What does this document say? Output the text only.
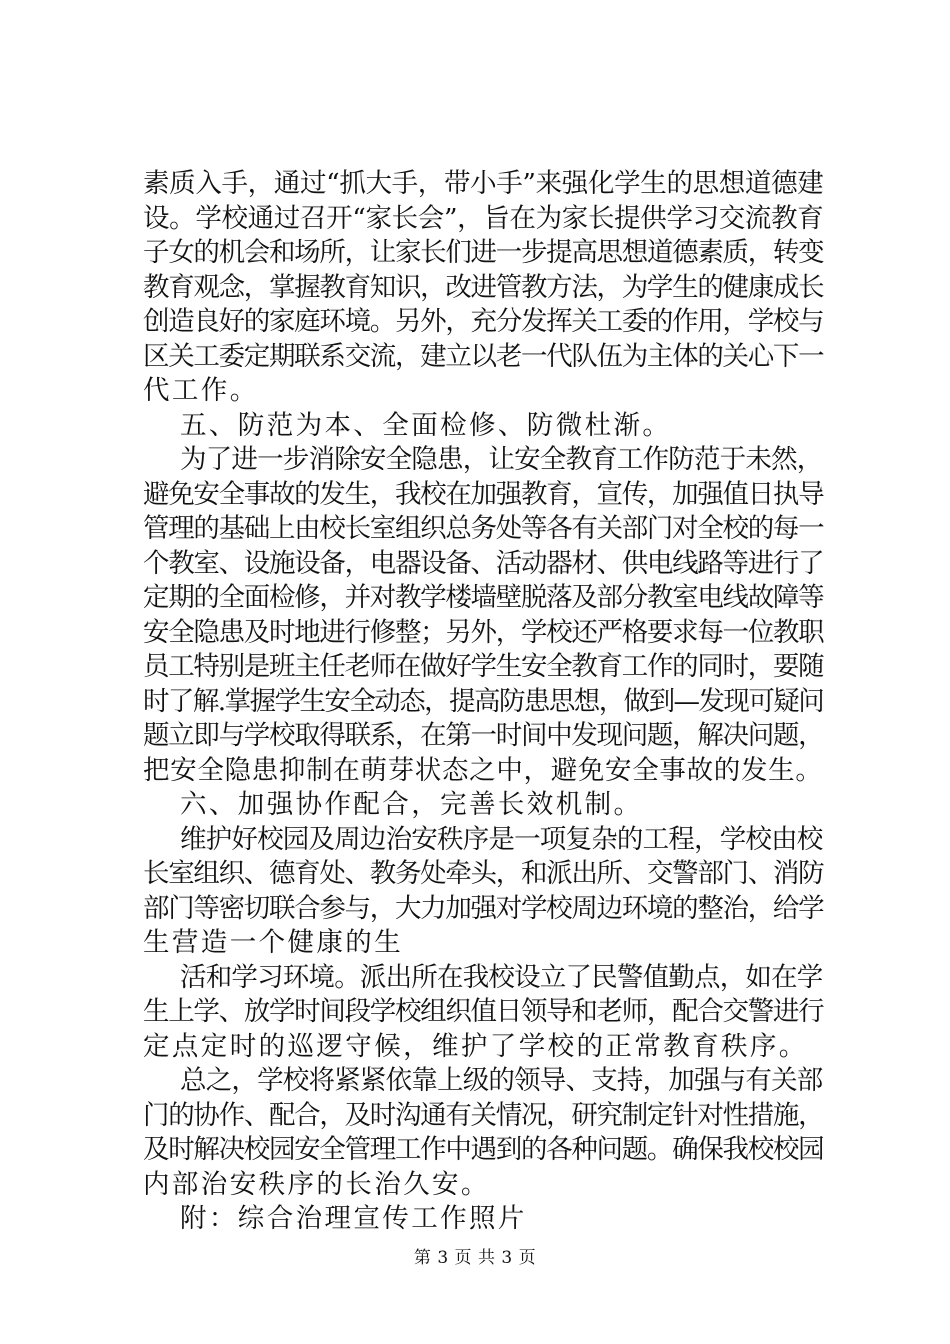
素质入手，通过“抓大手，带小手”来强化学生的思想道德建
设。学校通过召开“家长会”，旨在为家长提供学习交流教育
子女的机会和场所，让家长们进一步提高思想道德素质，转变
教育观念，掌握教育知识，改进管教方法，为学生的健康成长
创造良好的家庭环境。另外，充分发挥关工委的作用，学校与
区关工委定期联系交流，建立以老一代队伍为主体的关心下一
代工作。
五、防范为本、全面检修、防微杜渐。
为了进一步消除安全隐患，让安全教育工作防范于未然，
避免安全事故的发生，我校在加强教育，宣传，加强值日执导
管理的基础上由校长室组织总务处等各有关部门对全校的每一
个教室、设施设备，电器设备、活动器材、供电线路等进行了
定期的全面检修，并对教学楼墙壁脱落及部分教室电线故障等
安全隐患及时地进行修整；另外，学校还严格要求每一位教职
员工特别是班主任老师在做好学生安全教育工作的同时，要随
时了解.掌握学生安全动态，提高防患思想，做到—发现可疑问
题立即与学校取得联系，在第一时间中发现问题，解决问题，
把安全隐患抑制在萌芽状态之中，避免安全事故的发生。
六、加强协作配合，完善长效机制。
维护好校园及周边治安秩序是一项复杂的工程，学校由校
长室组织、德育处、教务处牵头，和派出所、交警部门、消防
部门等密切联合参与，大力加强对学校周边环境的整治，给学
生营造一个健康的生
活和学习环境。派出所在我校设立了民警值勤点，如在学
生上学、放学时间段学校组织值日领导和老师，配合交警进行
定点定时的巡逻守候，维护了学校的正常教育秩序。
总之，学校将紧紧依靠上级的领导、支持，加强与有关部
门的协作、配合，及时沟通有关情况，研究制定针对性措施，
及时解决校园安全管理工作中遇到的各种问题。确保我校校园
内部治安秩序的长治久安。
附：综合治理宣传工作照片
第 3 页 共 3 页
